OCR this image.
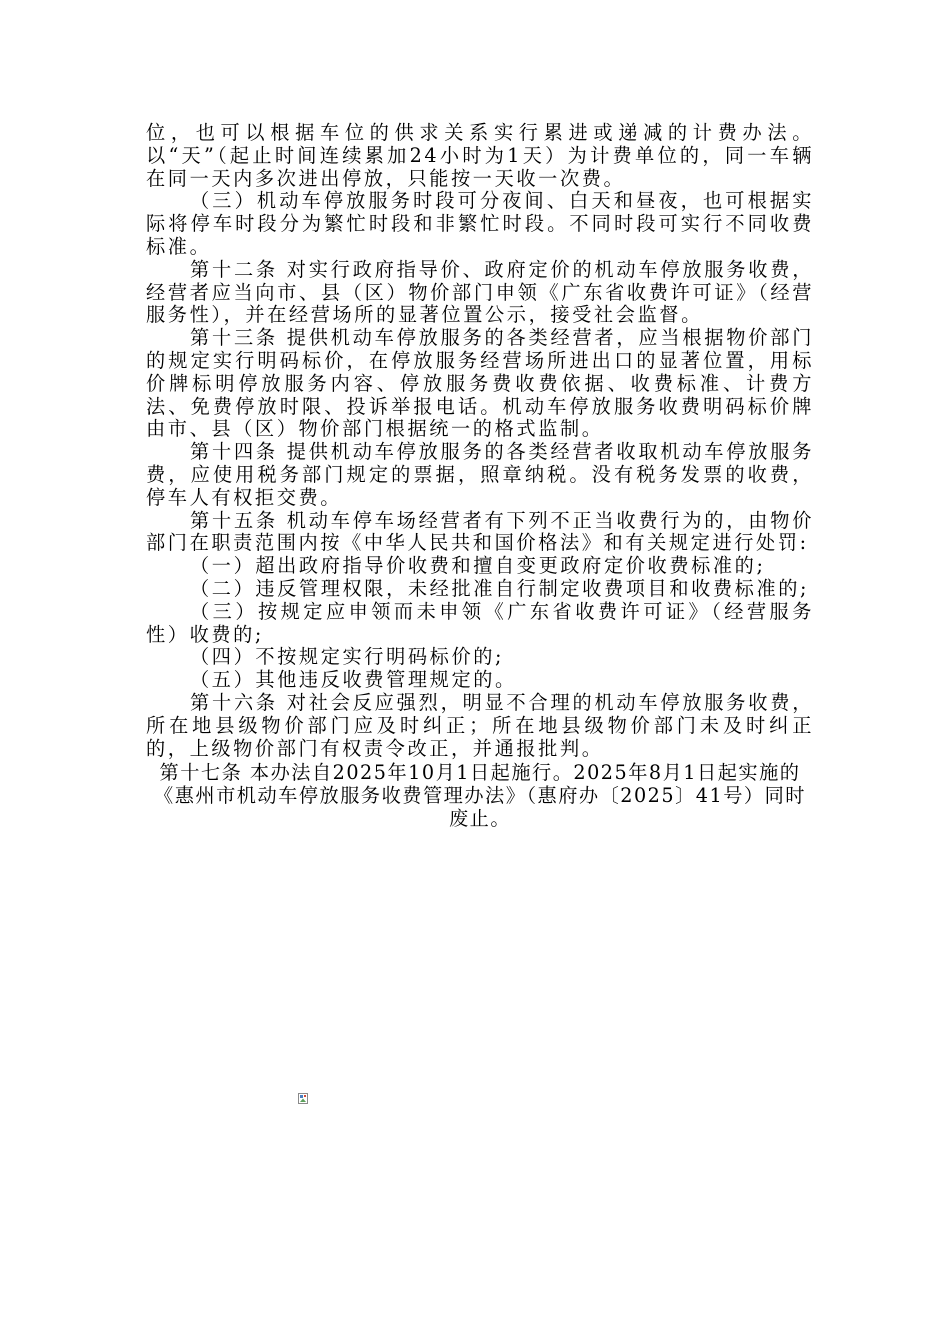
位，也可以根据车位的供求关系实行累进或递减的计费办法。以“天”（起止时间连续累加24小时为1天）为计费单位的，同一车辆在同一天内多次进出停放，只能按一天收一次费。

（三）机动车停放服务时段可分夜间、白天和昼夜，也可根据实际将停车时段分为繁忙时段和非繁忙时段。不同时段可实行不同收费标准。

第十二条 对实行政府指导价、政府定价的机动车停放服务收费，经营者应当向市、县（区）物价部门申领《广东省收费许可证》（经营服务性），并在经营场所的显著位置公示，接受社会监督。

第十三条 提供机动车停放服务的各类经营者，应当根据物价部门的规定实行明码标价，在停放服务经营场所进出口的显著位置，用标价牌标明停放服务内容、停放服务费收费依据、收费标准、计费方法、免费停放时限、投诉举报电话。机动车停放服务收费明码标价牌由市、县（区）物价部门根据统一的格式监制。

第十四条 提供机动车停放服务的各类经营者收取机动车停放服务费，应使用税务部门规定的票据，照章纳税。没有税务发票的收费，停车人有权拒交费。

第十五条 机动车停车场经营者有下列不正当收费行为的，由物价部门在职责范围内按《中华人民共和国价格法》和有关规定进行处罚:

（一）超出政府指导价收费和擅自变更政府定价收费标准的;

（二）违反管理权限，未经批准自行制定收费项目和收费标准的;

（三）按规定应申领而未申领《广东省收费许可证》（经营服务性）收费的;

（四）不按规定实行明码标价的;

（五）其他违反收费管理规定的。

第十六条 对社会反应强烈，明显不合理的机动车停放服务收费，所在地县级物价部门应及时纠正；所在地县级物价部门未及时纠正的，上级物价部门有权责令改正，并通报批判。

第十七条 本办法自2025年10月1日起施行。2025年8月1日起实施的《惠州市机动车停放服务收费管理办法》（惠府办〔2025〕41号）同时废止。
